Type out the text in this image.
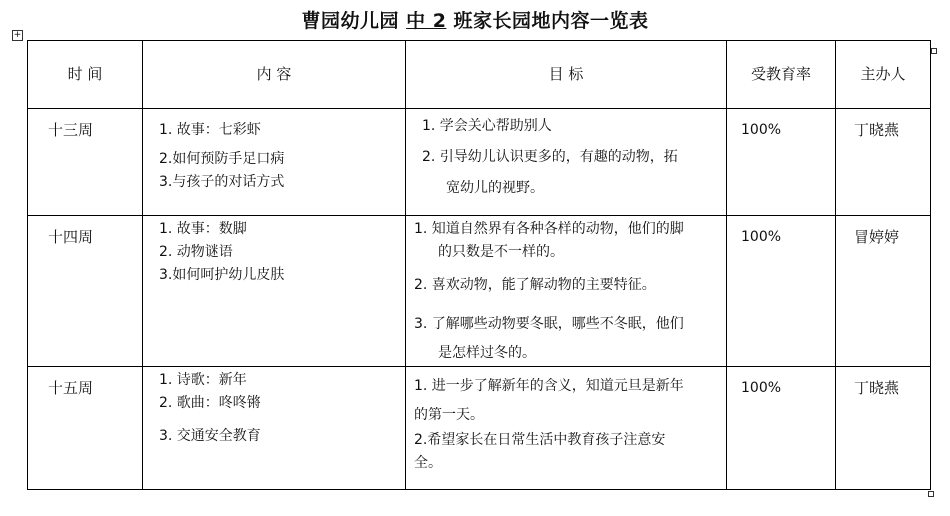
曹园幼儿园 中 2 班家长园地内容一览表
+
时 间	内 容	目 标	受教育率	主办人
十三周	1. 故事：七彩虾
2.如何预防手足口病
3.与孩子的对话方式	1. 学会关心帮助别人
2. 引导幼儿认识更多的，有趣的动物，拓
宽幼儿的视野。	100%	丁晓燕
十四周	1. 故事：数脚
2. 动物谜语
3.如何呵护幼儿皮肤	1. 知道自然界有各种各样的动物，他们的脚
的只数是不一样的。
2. 喜欢动物，能了解动物的主要特征。
3. 了解哪些动物要冬眠，哪些不冬眠，他们
是怎样过冬的。	100%	冒婷婷
十五周	1. 诗歌：新年
2. 歌曲：咚咚锵
3. 交通安全教育	1. 进一步了解新年的含义，知道元旦是新年
的第一天。
2.希望家长在日常生活中教育孩子注意安
全。	100%	丁晓燕
